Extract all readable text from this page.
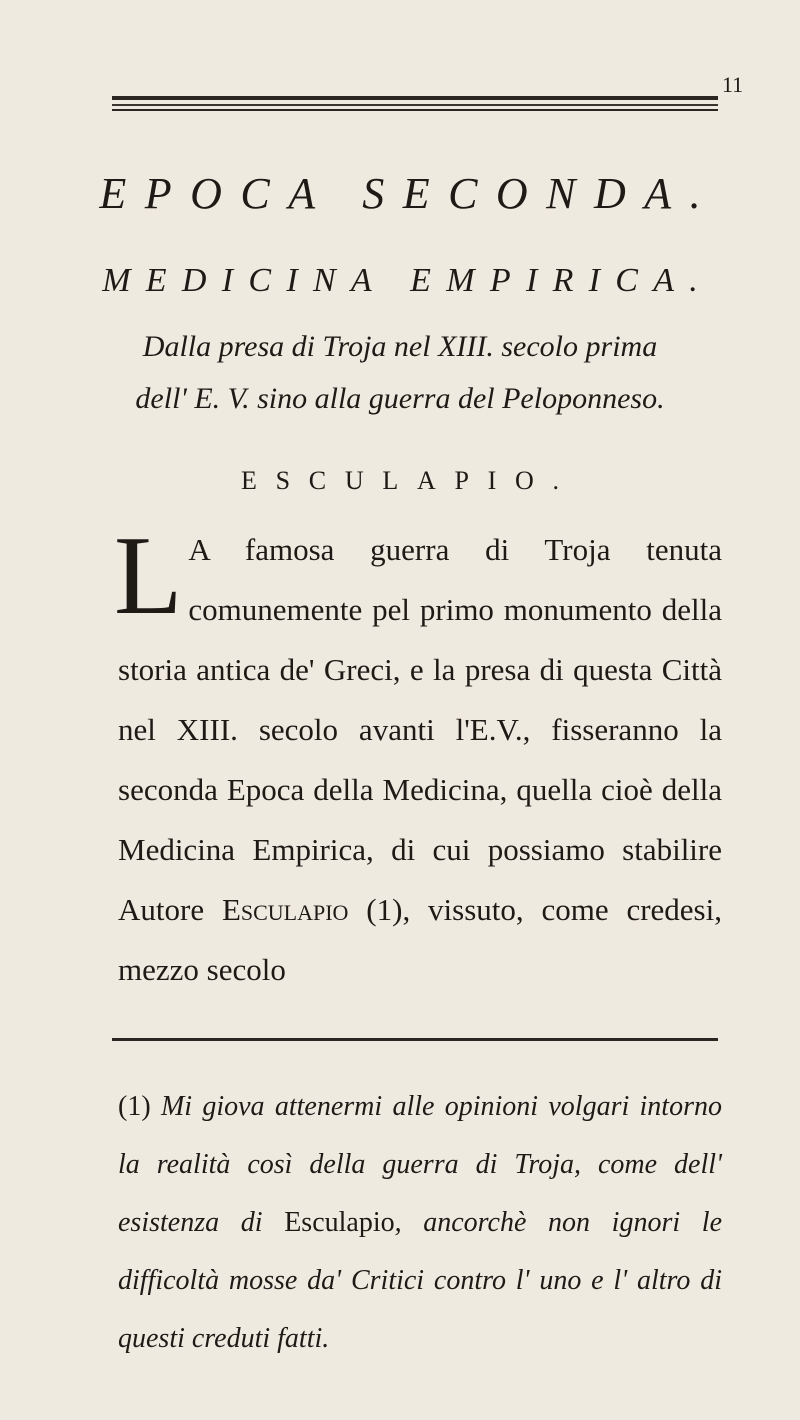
11
EPOCA SECONDA.
MEDICINA EMPIRICA.
Dalla presa di Troja nel XIII. secolo prima
dell' E. V. sino alla guerra del Peloponneso.
ESCULAPIO.

L A famosa guerra di Troja tenuta comunemente pel primo monumento della storia antica de' Greci, e la presa di questa Città nel XIII. secolo avanti l'E.V., fisseranno la seconda Epoca della Medicina, quella cioè della Medicina Empirica, di cui possiamo stabilire Autore Esculapio (1), vissuto, come credesi, mezzo secolo

(1) Mi giova attenermi alle opinioni volgari intorno la realità così della guerra di Troja, come dell' esistenza di Esculapio, ancorchè non ignori le difficoltà mosse da' Critici contro l' uno e l' altro di questi creduti fatti.
